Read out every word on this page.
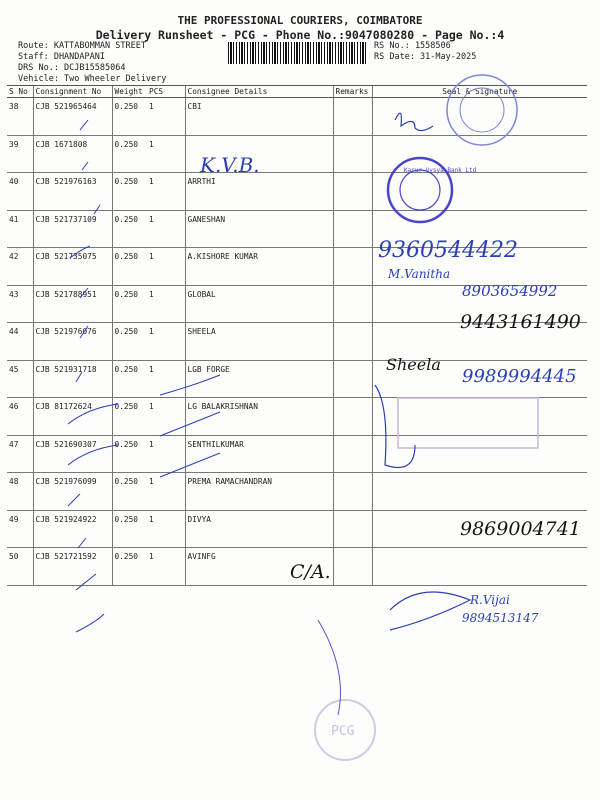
THE PROFESSIONAL COURIERS, COIMBATORE
Delivery Runsheet - PCG - Phone No.:9047080280 - Page No.:4
Route: KATTABOMMAN STREET
Staff: DHANDAPANI
DRS No.: DCJB15585064
Vehicle: Two Wheeler Delivery
RS No.: 1558506
RS Date: 31-May-2025
S No	Consignment No	Weight	PCS	Consignee Details	Remarks	Seal & Signature
38	CJB 521965464	0.250	1	CBI		
39	CJB 1671808	0.250	1			
40	CJB 521976163	0.250	1	ARRTHI		
41	CJB 521737109	0.250	1	GANESHAN		
42	CJB 521735075	0.250	1	A.KISHORE KUMAR		
43	CJB 521788951	0.250	1	GLOBAL		
44	CJB 521976076	0.250	1	SHEELA		
45	CJB 521931718	0.250	1	LGB FORGE		
46	CJB 81172624	0.250	1	LG BALAKRISHNAN		
47	CJB 521690307	0.250	1	SENTHILKUMAR		
48	CJB 521976099	0.250	1	PREMA RAMACHANDRAN		
49	CJB 521924922	0.250	1	DIVYA		
50	CJB 521721592	0.250	1	AVINFG		
Karur Vysya Bank Ltd
PCG
K.V.B.
9360544422
M.Vanitha
8903654992
9443161490
Sheela
9989994445
9869004741
C/A.
R.Vijai
9894513147
